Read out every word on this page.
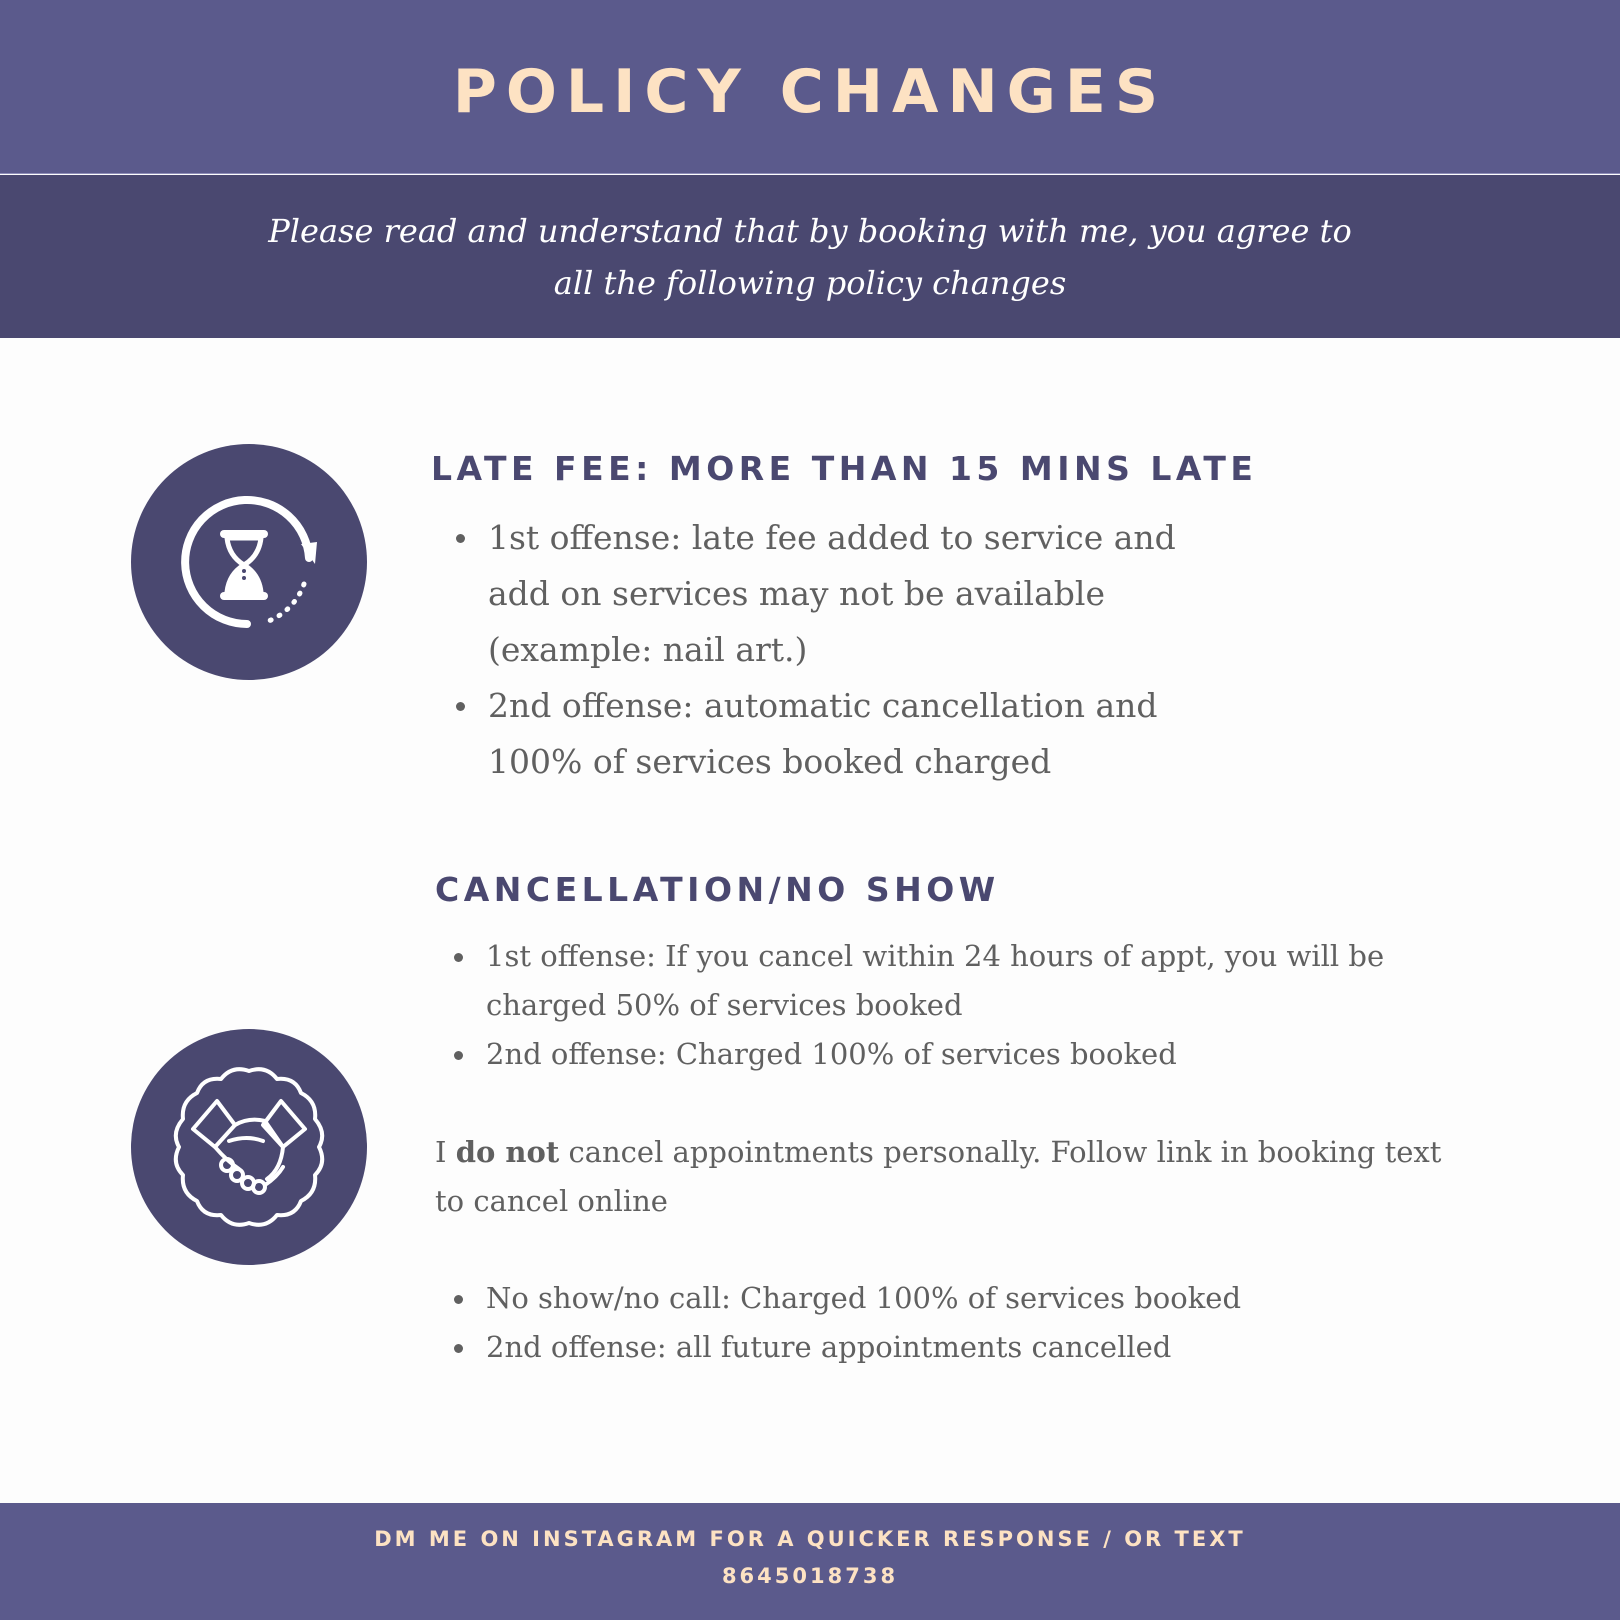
POLICY CHANGES
Please read and understand that by booking with me, you agree to all the following policy changes
LATE FEE: MORE THAN 15 MINS LATE
1st offense: late fee added to service and add on services may not be available (example: nail art.)
2nd offense: automatic cancellation and 100% of services booked charged
CANCELLATION/NO SHOW
1st offense: If you cancel within 24 hours of appt, you will be charged 50% of services booked
2nd offense: Charged 100% of services booked

I do not cancel appointments personally. Follow link in booking text to cancel online

No show/no call: Charged 100% of services booked
2nd offense: all future appointments cancelled
DM ME ON INSTAGRAM FOR A QUICKER RESPONSE / OR TEXT 8645018738
